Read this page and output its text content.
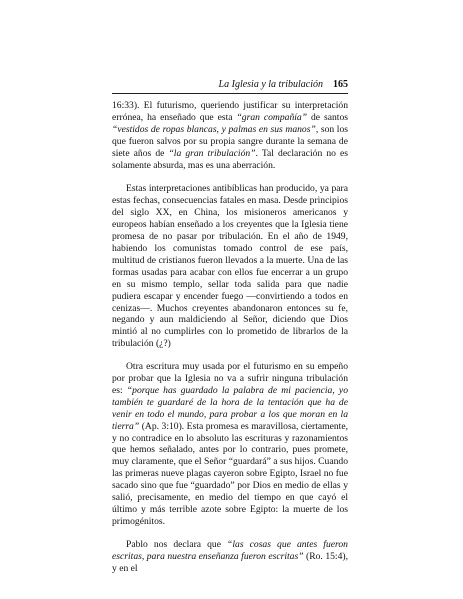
La Iglesia y la tribulación 165

16:33). El futurismo, queriendo justificar su interpretación errónea, ha enseñado que esta “gran compañía” de santos “vestidos de ropas blancas, y palmas en sus manos”, son los que fueron salvos por su propia sangre durante la semana de siete años de “la gran tribulación”. Tal declaración no es solamente absurda, mas es una aberración.

Estas interpretaciones antibíblicas han producido, ya para estas fechas, consecuencias fatales en masa. Desde principios del siglo XX, en China, los misioneros americanos y europeos habían enseñado a los creyentes que la Iglesia tiene promesa de no pasar por tribulación. En el año de 1949, habiendo los comunistas tomado control de ese país, multitud de cristianos fueron llevados a la muerte. Una de las formas usadas para acabar con ellos fue encerrar a un grupo en su mismo templo, sellar toda salida para que nadie pudiera escapar y encender fuego —convirtiendo a todos en cenizas—. Muchos creyentes abandonaron entonces su fe, negando y aun maldiciendo al Señor, diciendo que Dios mintió al no cumplirles con lo prometido de librarlos de la tribulación (¿?)

Otra escritura muy usada por el futurismo en su empeño por probar que la Iglesia no va a sufrir ninguna tribulación es: “porque has guardado la palabra de mi paciencia, yo también te guardaré de la hora de la tentación que ha de venir en todo el mundo, para probar a los que moran en la tierra” (Ap. 3:10). Esta promesa es maravillosa, ciertamente, y no contradice en lo absoluto las escrituras y razonamientos que hemos señalado, antes por lo contrario, pues promete, muy claramente, que el Señor “guardará” a sus hijos. Cuando las primeras nueve plagas cayeron sobre Egipto, Israel no fue sacado sino que fue “guardado” por Dios en medio de ellas y salió, precisamente, en medio del tiempo en que cayó el último y más terrible azote sobre Egipto: la muerte de los primogénitos.

Pablo nos declara que “las cosas que antes fueron escritas, para nuestra enseñanza fueron escritas” (Ro. 15:4), y en el
